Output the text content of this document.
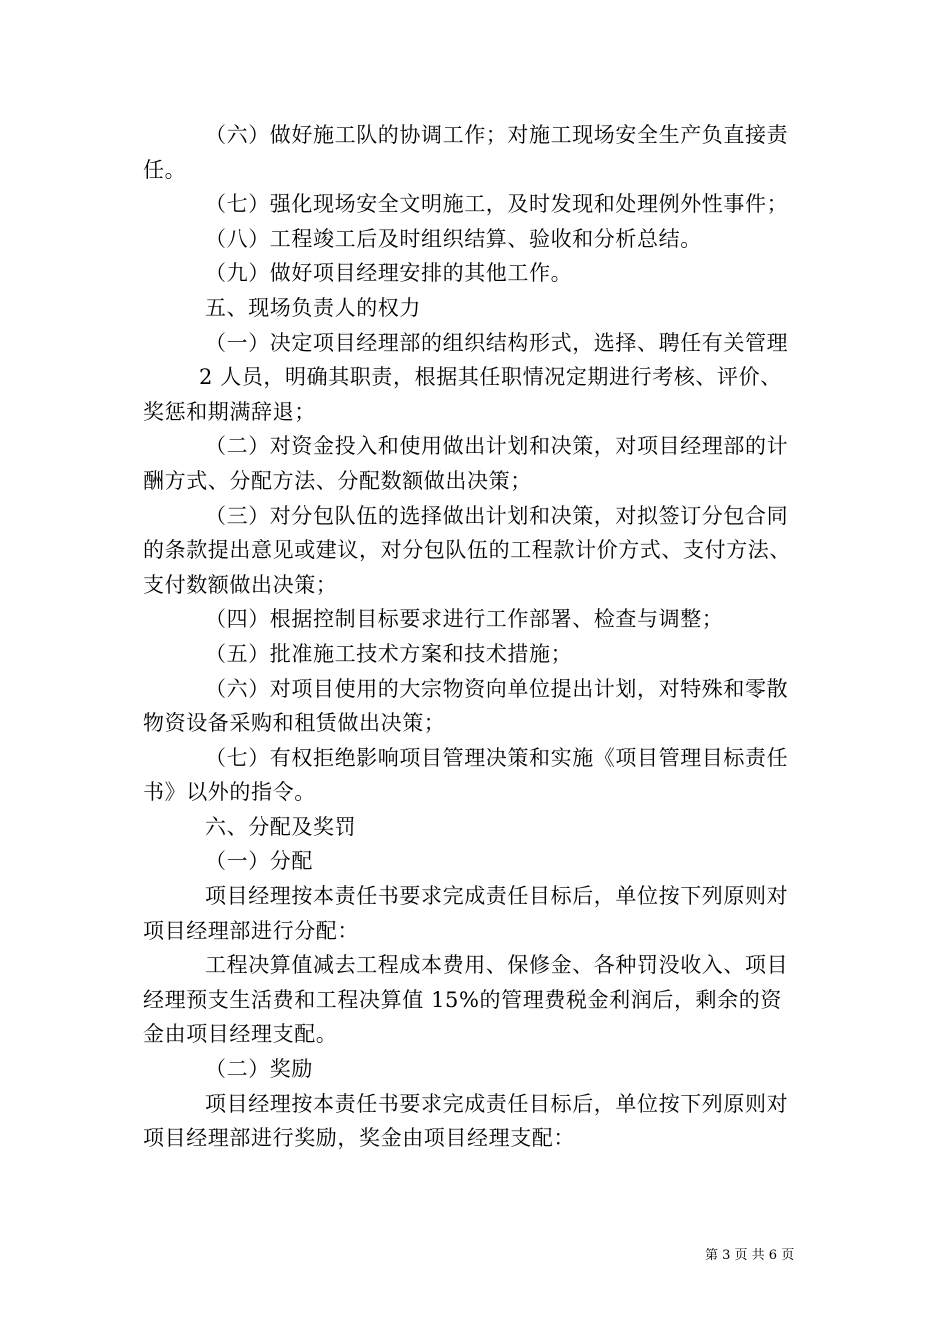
（六）做好施工队的协调工作；对施工现场安全生产负直接责
任。
（七）强化现场安全文明施工，及时发现和处理例外性事件；
（八）工程竣工后及时组织结算、验收和分析总结。
（九）做好项目经理安排的其他工作。
五、现场负责人的权力
（一）决定项目经理部的组织结构形式，选择、聘任有关管理
2 人员，明确其职责，根据其任职情况定期进行考核、评价、
奖惩和期满辞退；
（二）对资金投入和使用做出计划和决策，对项目经理部的计
酬方式、分配方法、分配数额做出决策；
（三）对分包队伍的选择做出计划和决策，对拟签订分包合同
的条款提出意见或建议，对分包队伍的工程款计价方式、支付方法、
支付数额做出决策；
（四）根据控制目标要求进行工作部署、检查与调整；
（五）批准施工技术方案和技术措施；
（六）对项目使用的大宗物资向单位提出计划，对特殊和零散
物资设备采购和租赁做出决策；
（七）有权拒绝影响项目管理决策和实施《项目管理目标责任
书》以外的指令。
六、分配及奖罚
（一）分配
项目经理按本责任书要求完成责任目标后，单位按下列原则对
项目经理部进行分配：
工程决算值减去工程成本费用、保修金、各种罚没收入、项目
经理预支生活费和工程决算值 15%的管理费税金利润后，剩余的资
金由项目经理支配。
（二）奖励
项目经理按本责任书要求完成责任目标后，单位按下列原则对
项目经理部进行奖励，奖金由项目经理支配：
第 3 页 共 6 页
